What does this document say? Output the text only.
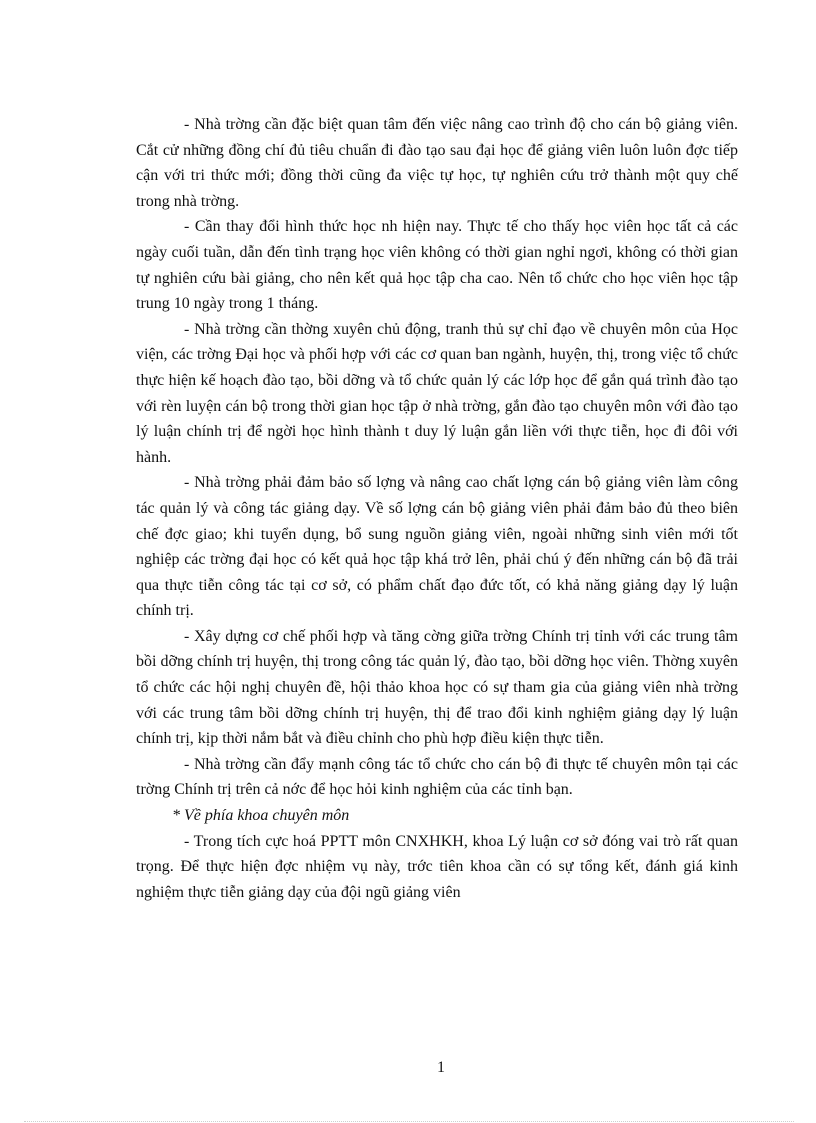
- Nhà trờng cần đặc biệt quan tâm đến việc nâng cao trình độ cho cán bộ giảng viên. Cắt cử những đồng chí đủ tiêu chuẩn đi đào tạo sau đại học để giảng viên luôn luôn đợc tiếp cận với tri thức mới; đồng thời cũng đa việc tự học, tự nghiên cứu trở thành một quy chế trong nhà trờng.

- Cần thay đổi hình thức học nh hiện nay. Thực tế cho thấy học viên học tất cả các ngày cuối tuần, dẫn đến tình trạng học viên không có thời gian nghỉ ngơi, không có thời gian tự nghiên cứu bài giảng, cho nên kết quả học tập cha cao. Nên tổ chức cho học viên học tập trung 10 ngày trong 1 tháng.

- Nhà trờng cần thờng xuyên chủ động, tranh thủ sự chỉ đạo về chuyên môn của Học viện, các trờng Đại học và phối hợp với các cơ quan ban ngành, huyện, thị, trong việc tổ chức thực hiện kế hoạch đào tạo, bồi dỡng và tổ chức quản lý các lớp học để gắn quá trình đào tạo với rèn luyện cán bộ trong thời gian học tập ở nhà trờng, gắn đào tạo chuyên môn với đào tạo lý luận chính trị để ngời học hình thành t duy lý luận gắn liền với thực tiễn, học đi đôi với hành.

- Nhà trờng phải đảm bảo số lợng và nâng cao chất lợng cán bộ giảng viên làm công tác quản lý và công tác giảng dạy. Về số lợng cán bộ giảng viên phải đảm bảo đủ theo biên chế đợc giao; khi tuyển dụng, bổ sung nguồn giảng viên, ngoài những sinh viên mới tốt nghiệp các trờng đại học có kết quả học tập khá trở lên, phải chú ý đến những cán bộ đã trải qua thực tiễn công tác tại cơ sở, có phẩm chất đạo đức tốt, có khả năng giảng dạy lý luận chính trị.

- Xây dựng cơ chế phối hợp và tăng cờng giữa trờng Chính trị tỉnh với các trung tâm bồi dỡng chính trị huyện, thị trong công tác quản lý, đào tạo, bồi dỡng học viên. Thờng xuyên tổ chức các hội nghị chuyên đề, hội thảo khoa học có sự tham gia của giảng viên nhà trờng với các trung tâm bồi dỡng chính trị huyện, thị để trao đổi kinh nghiệm giảng dạy lý luận chính trị, kịp thời nắm bắt và điều chỉnh cho phù hợp điều kiện thực tiễn.

- Nhà trờng cần đẩy mạnh công tác tổ chức cho cán bộ đi thực tế chuyên môn tại các trờng Chính trị trên cả nớc để học hỏi kinh nghiệm của các tỉnh bạn.

* Về phía khoa chuyên môn

- Trong tích cực hoá PPTT môn CNXHKH, khoa Lý luận cơ sở đóng vai trò rất quan trọng. Để thực hiện đợc nhiệm vụ này, trớc tiên khoa cần có sự tổng kết, đánh giá kinh nghiệm thực tiễn giảng dạy của đội ngũ giảng viên

1
